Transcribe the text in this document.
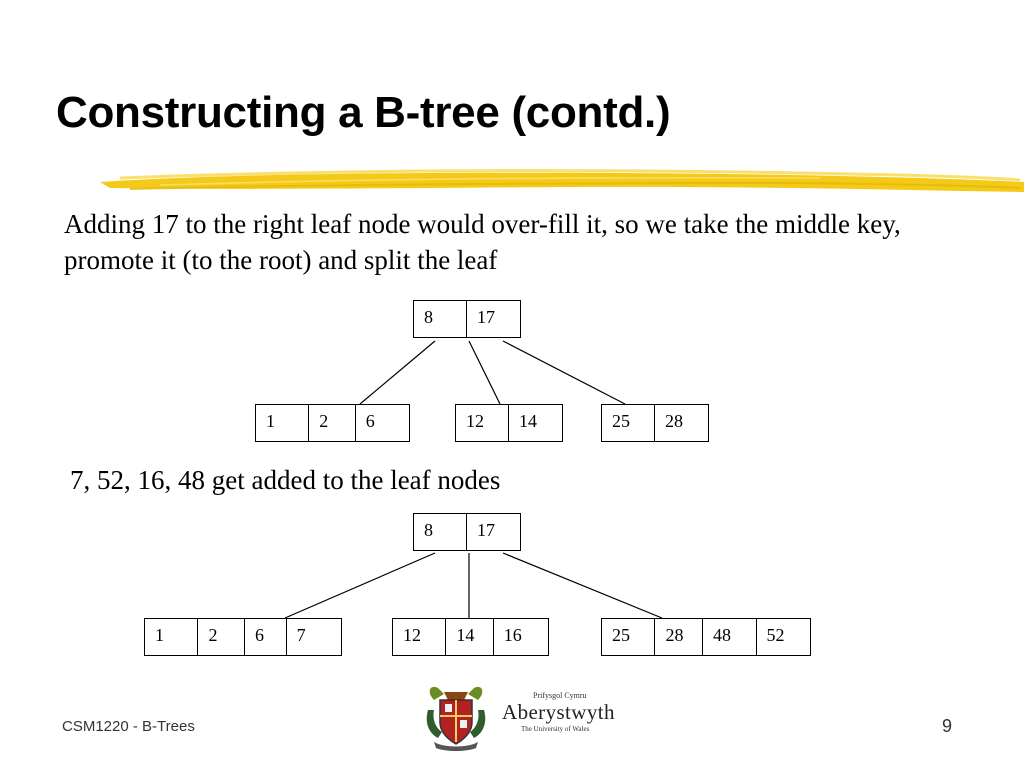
Constructing a B-tree (contd.)
Adding 17 to the right leaf node would over-fill it, so we take the middle key, promote it (to the root) and split the leaf
8	17
1	2	6	12	14	25	28
7, 52, 16, 48 get added to the leaf nodes
8	17
1	2	6	7	12	14	16	25	28	48	52
Prifysgol Cymru
Aberystwyth
The University of Wales
CSM1220 - B-Trees	9
